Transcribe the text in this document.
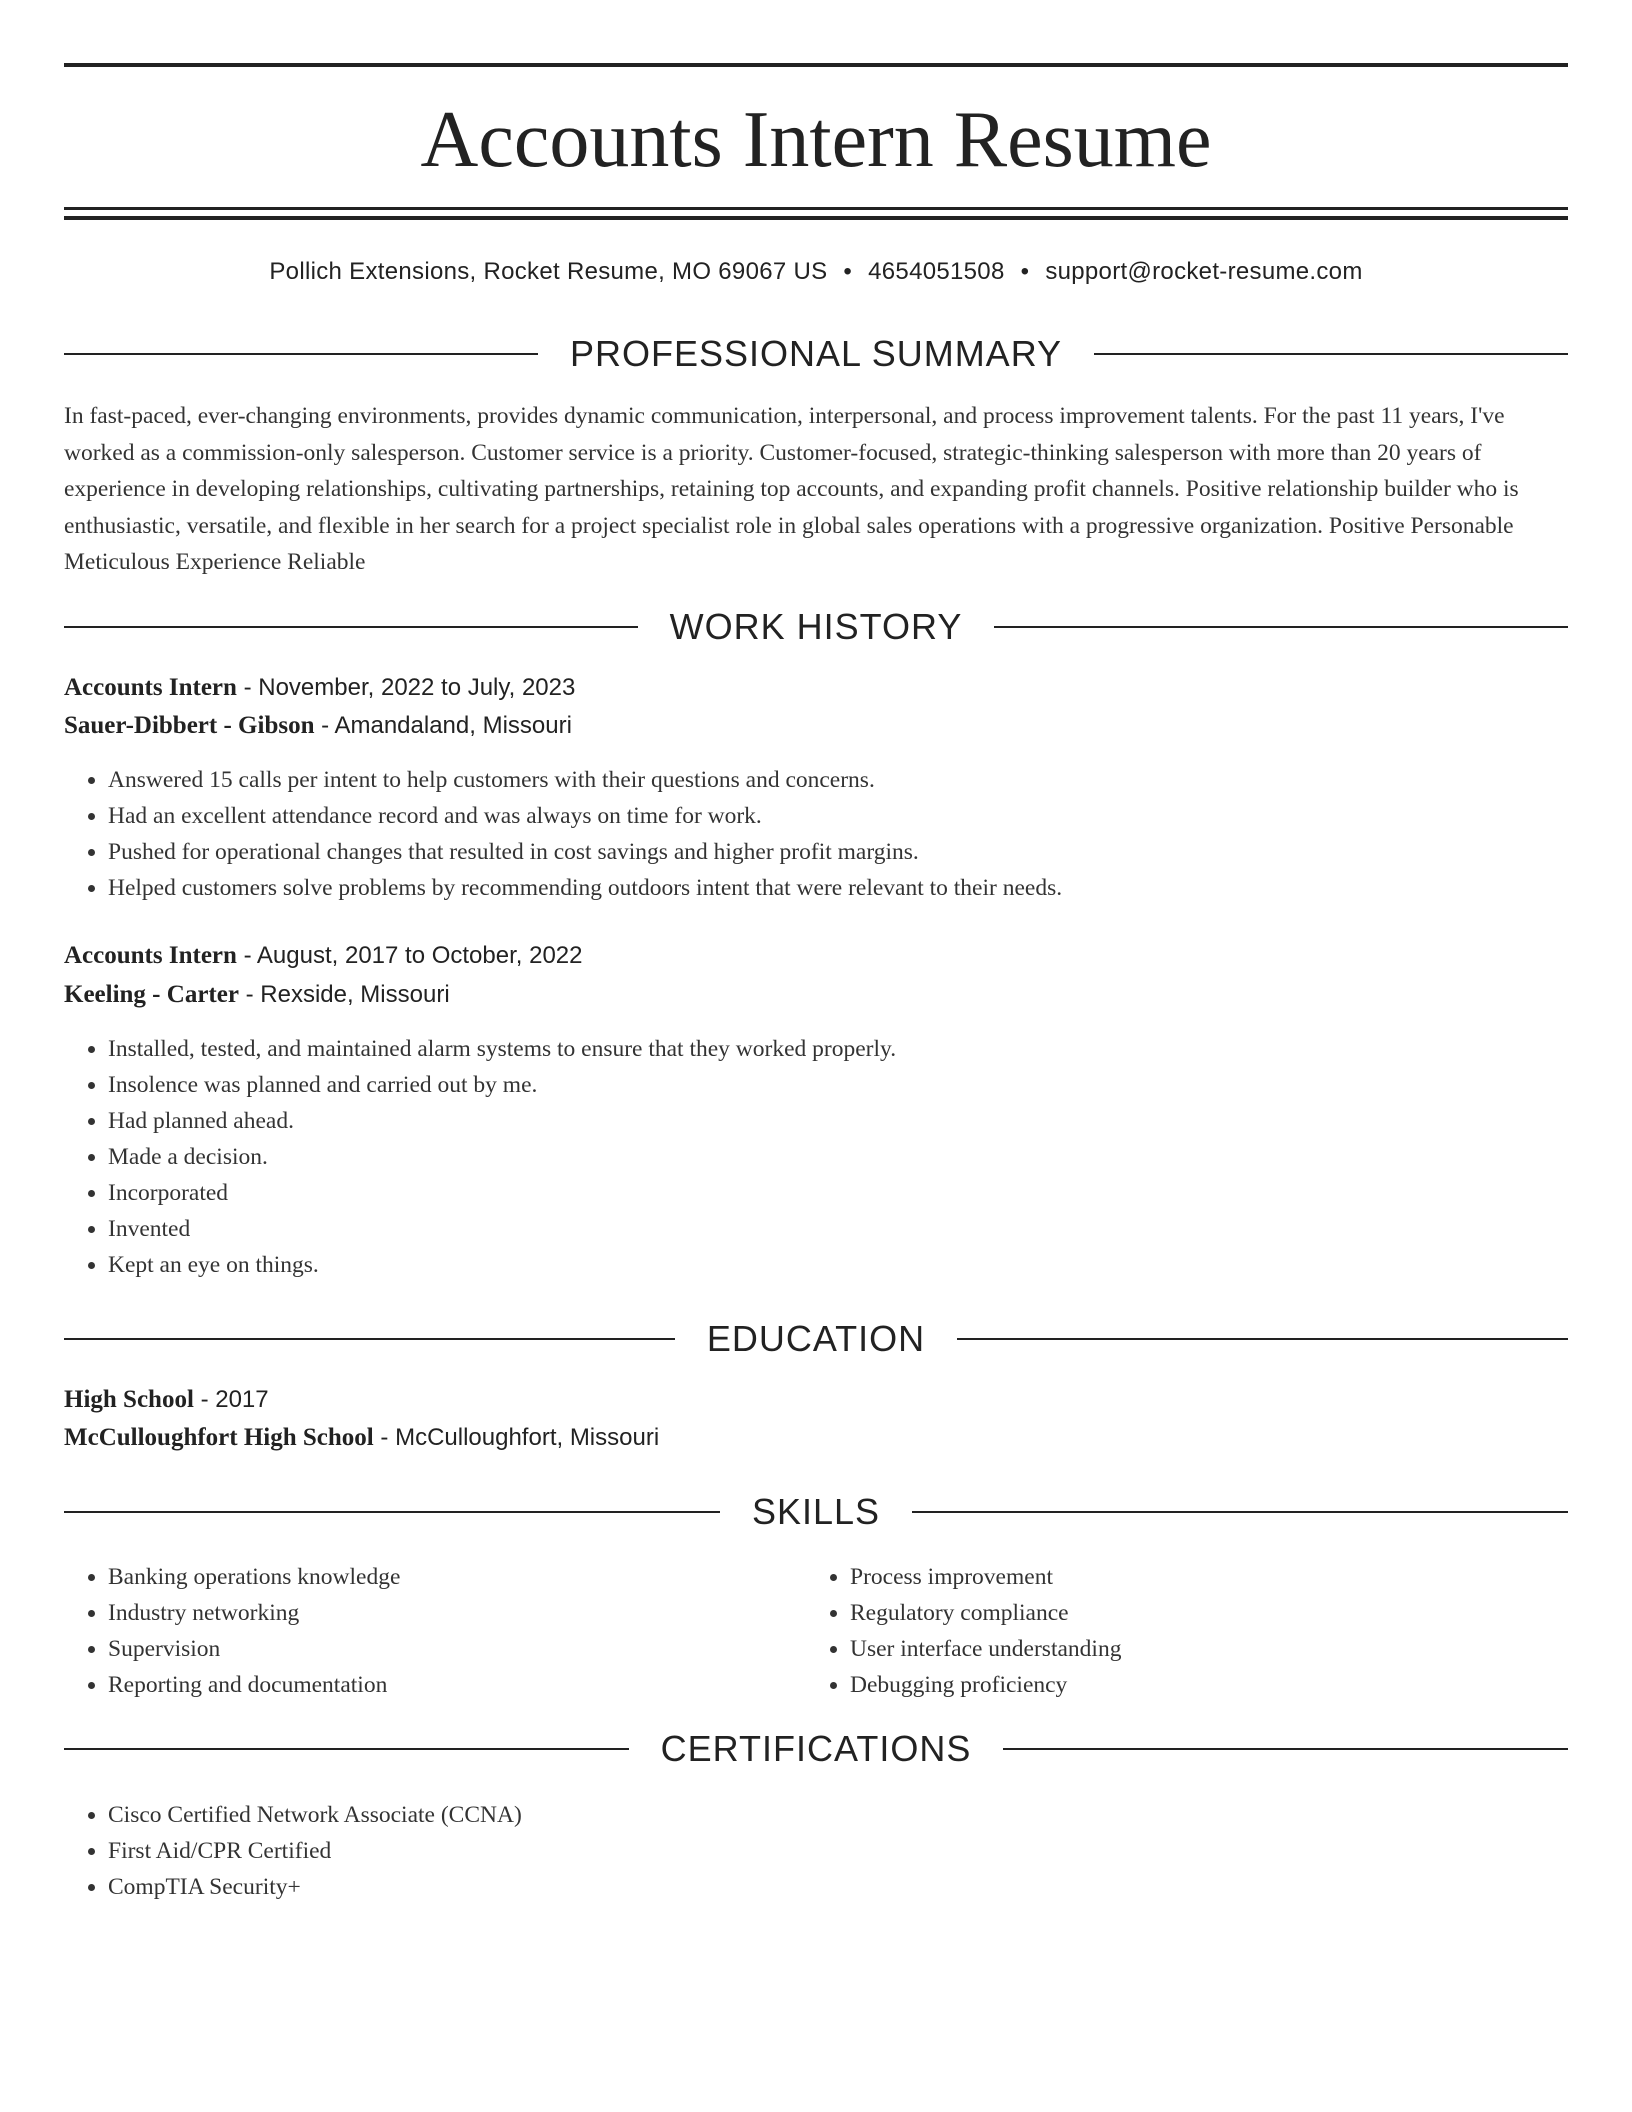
Accounts Intern Resume
Pollich Extensions, Rocket Resume, MO 69067 US • 4654051508 • support@rocket-resume.com
PROFESSIONAL SUMMARY

In fast-paced, ever-changing environments, provides dynamic communication, interpersonal, and process improvement talents. For the past 11 years, I've worked as a commission-only salesperson. Customer service is a priority. Customer-focused, strategic-thinking salesperson with more than 20 years of experience in developing relationships, cultivating partnerships, retaining top accounts, and expanding profit channels. Positive relationship builder who is enthusiastic, versatile, and flexible in her search for a project specialist role in global sales operations with a progressive organization. Positive Personable Meticulous Experience Reliable

WORK HISTORY
Accounts Intern - November, 2022 to July, 2023
Sauer-Dibbert - Gibson - Amandaland, Missouri
• Answered 15 calls per intent to help customers with their questions and concerns.
• Had an excellent attendance record and was always on time for work.
• Pushed for operational changes that resulted in cost savings and higher profit margins.
• Helped customers solve problems by recommending outdoors intent that were relevant to their needs.
Accounts Intern - August, 2017 to October, 2022
Keeling - Carter - Rexside, Missouri
• Installed, tested, and maintained alarm systems to ensure that they worked properly.
• Insolence was planned and carried out by me.
• Had planned ahead.
• Made a decision.
• Incorporated
• Invented
• Kept an eye on things.
EDUCATION
High School - 2017
McCulloughfort High School - McCulloughfort, Missouri
SKILLS
• Banking operations knowledge
• Industry networking
• Supervision
• Reporting and documentation
• Process improvement
• Regulatory compliance
• User interface understanding
• Debugging proficiency
CERTIFICATIONS
• Cisco Certified Network Associate (CCNA)
• First Aid/CPR Certified
• CompTIA Security+
